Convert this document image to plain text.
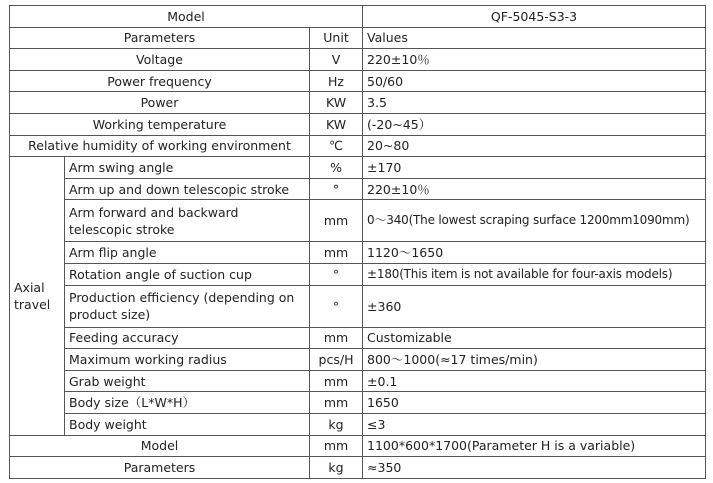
Model			QF-5045-S3-3
Parameters		Unit	Values
Voltage		V	220±10％
Power frequency		Hz	50/60
Power		KW	3.5
Working temperature		KW	(-20~45）
Relative humidity of working environment		℃	20~80
Axial travel	Arm swing angle	%	±170
	Arm up and down telescopic stroke	°	220±10％
	Arm forward and backward telescopic stroke	mm	0～340(The lowest scraping surface 1200mm1090mm)
	Arm flip angle	mm	1120～1650
	Rotation angle of suction cup	°	±180(This item is not available for four-axis models)
	Production efficiency (depending on product size)	°	±360
	Feeding accuracy	mm	Customizable
	Maximum working radius	pcs/H	800～1000(≈17 times/min)
	Grab weight	mm	±0.1
	Body size（L*W*H）	mm	1650
	Body weight	kg	≤3
Model		mm	1100*600*1700(Parameter H is a variable)
Parameters		kg	≈350
